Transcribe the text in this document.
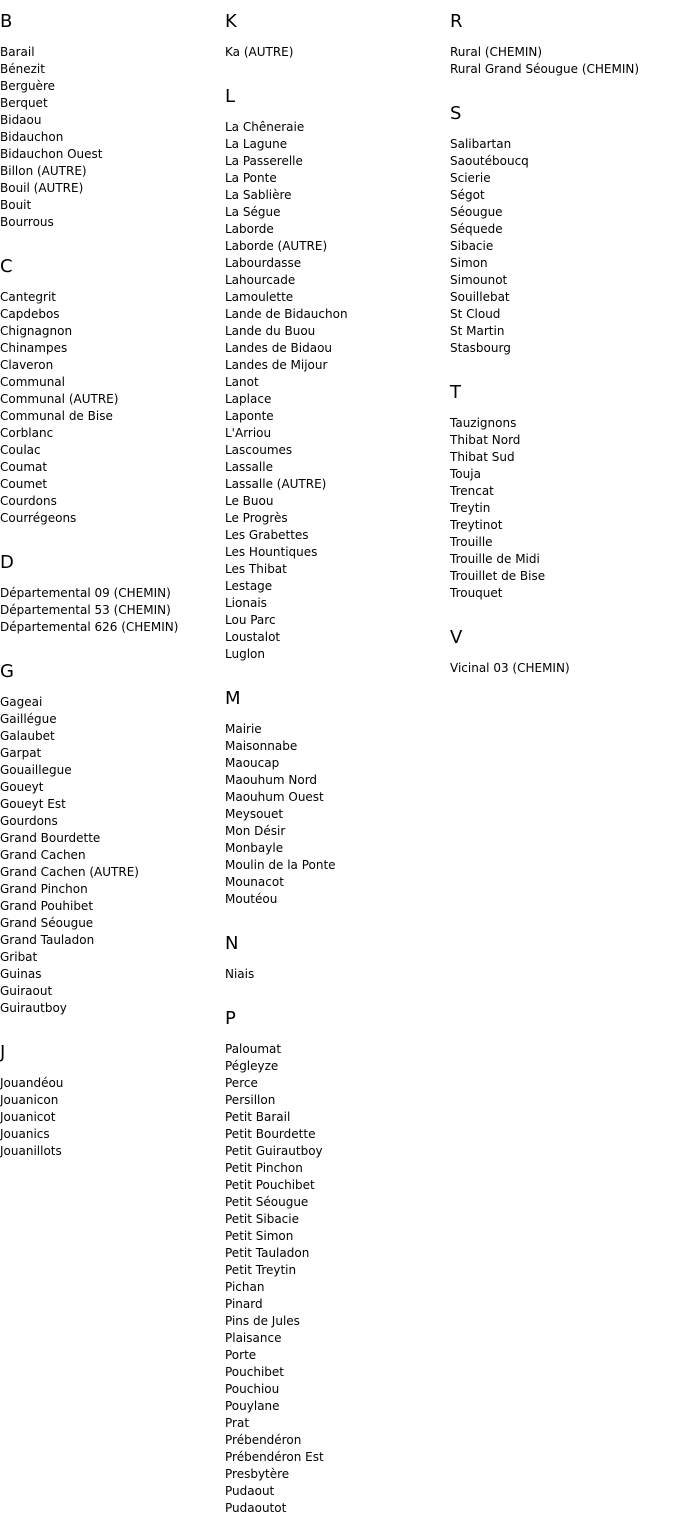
B
Barail
Bénezit
Berguère
Berquet
Bidaou
Bidauchon
Bidauchon Ouest
Billon (AUTRE)
Bouil (AUTRE)
Bouit
Bourrous
C
Cantegrit
Capdebos
Chignagnon
Chinampes
Claveron
Communal
Communal (AUTRE)
Communal de Bise
Corblanc
Coulac
Coumat
Coumet
Courdons
Courrégeons
D
Départemental 09 (CHEMIN)
Départemental 53 (CHEMIN)
Départemental 626 (CHEMIN)
G
Gageai
Gaillégue
Galaubet
Garpat
Gouaillegue
Goueyt
Goueyt Est
Gourdons
Grand Bourdette
Grand Cachen
Grand Cachen (AUTRE)
Grand Pinchon
Grand Pouhibet
Grand Séougue
Grand Tauladon
Gribat
Guinas
Guiraout
Guirautboy
J
Jouandéou
Jouanicon
Jouanicot
Jouanics
Jouanillots
K
Ka (AUTRE)
L
La Chêneraie
La Lagune
La Passerelle
La Ponte
La Sablière
La Ségue
Laborde
Laborde (AUTRE)
Labourdasse
Lahourcade
Lamoulette
Lande de Bidauchon
Lande du Buou
Landes de Bidaou
Landes de Mijour
Lanot
Laplace
Laponte
L'Arriou
Lascoumes
Lassalle
Lassalle (AUTRE)
Le Buou
Le Progrès
Les Grabettes
Les Hountiques
Les Thibat
Lestage
Lionais
Lou Parc
Loustalot
Luglon
M
Mairie
Maisonnabe
Maoucap
Maouhum Nord
Maouhum Ouest
Meysouet
Mon Désir
Monbayle
Moulin de la Ponte
Mounacot
Moutéou
N
Niais
P
Paloumat
Pégleyze
Perce
Persillon
Petit Barail
Petit Bourdette
Petit Guirautboy
Petit Pinchon
Petit Pouchibet
Petit Séougue
Petit Sibacie
Petit Simon
Petit Tauladon
Petit Treytin
Pichan
Pinard
Pins de Jules
Plaisance
Porte
Pouchibet
Pouchiou
Pouylane
Prat
Prébendéron
Prébendéron Est
Presbytère
Pudaout
Pudaoutot
R
Rural (CHEMIN)
Rural Grand Séougue (CHEMIN)
S
Salibartan
Saoutéboucq
Scierie
Ségot
Séougue
Séquede
Sibacie
Simon
Simounot
Souillebat
St Cloud
St Martin
Stasbourg
T
Tauzignons
Thibat Nord
Thibat Sud
Touja
Trencat
Treytin
Treytinot
Trouille
Trouille de Midi
Trouillet de Bise
Trouquet
V
Vicinal 03 (CHEMIN)
